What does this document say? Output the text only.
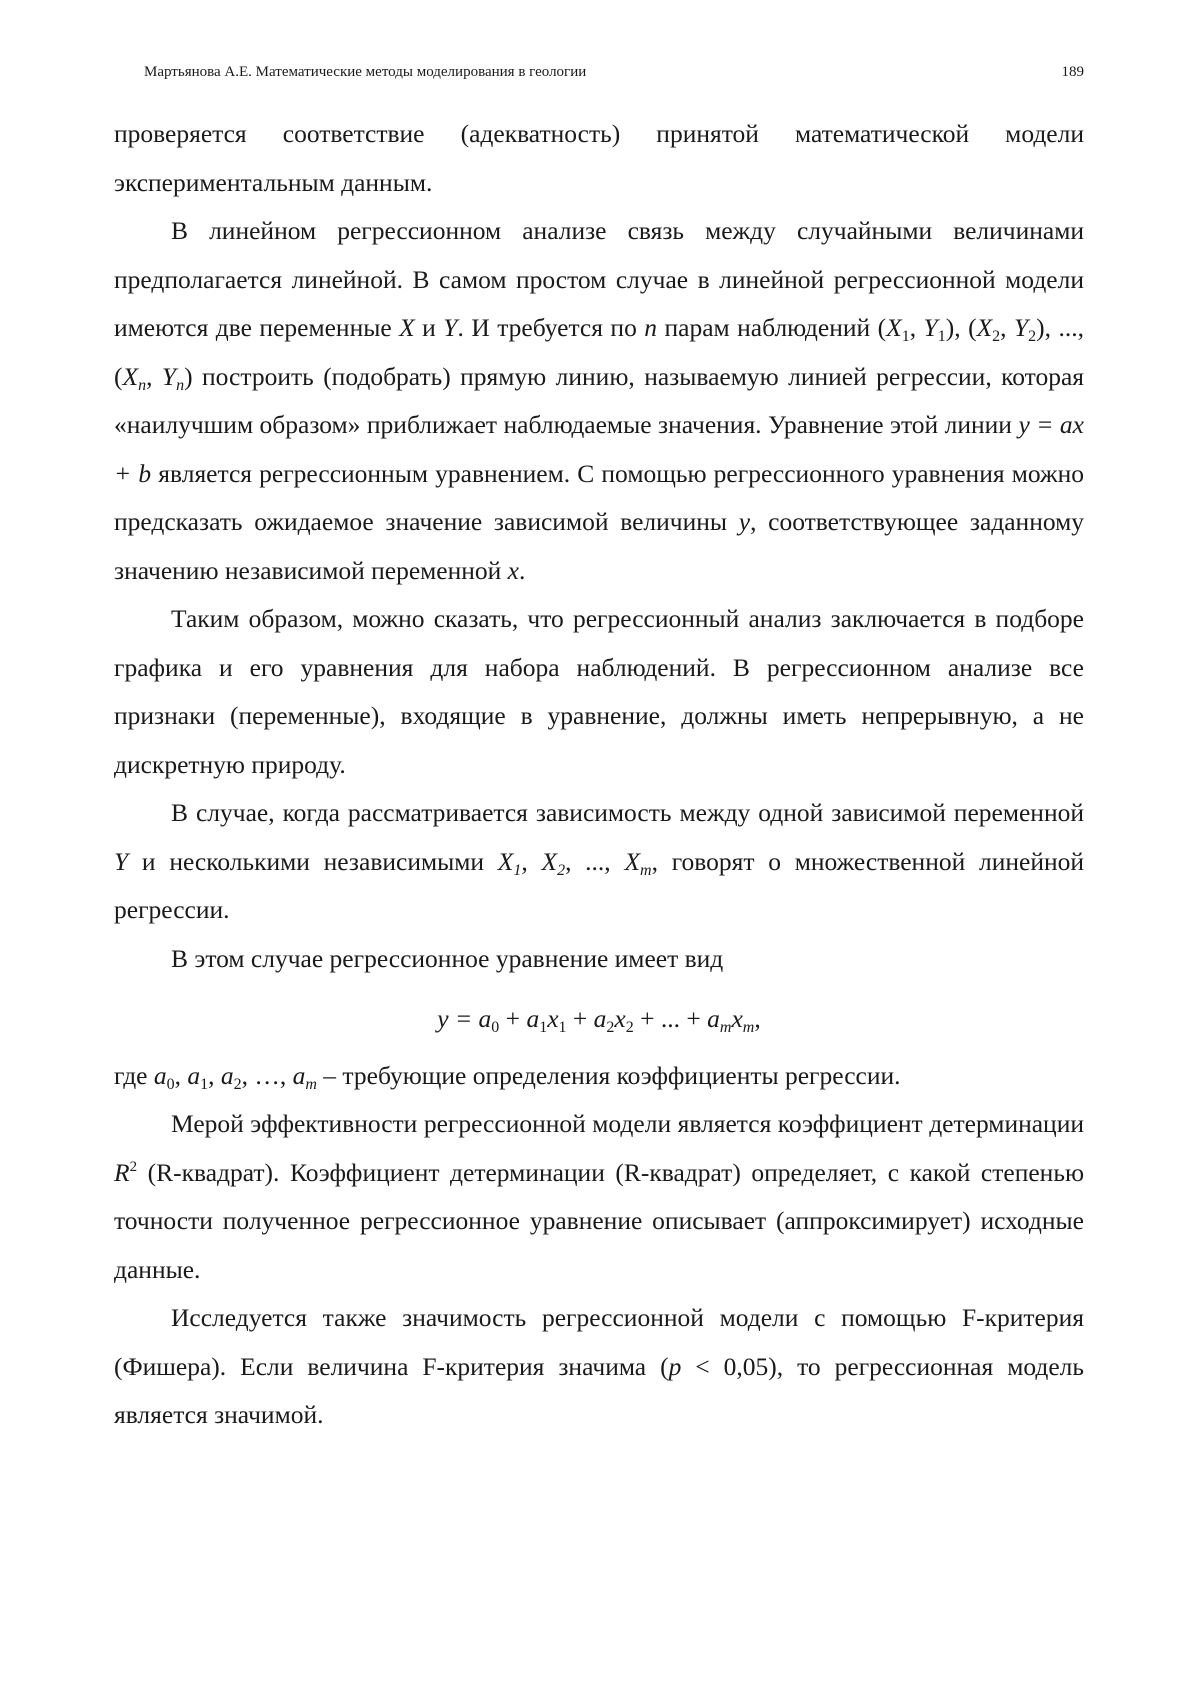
Мартьянова А.Е. Математические методы моделирования в геологии	189

проверяется соответствие (адекватность) принятой математической модели экспериментальным данным.

В линейном регрессионном анализе связь между случайными величинами предполагается линейной. В самом простом случае в линейной регрессионной модели имеются две переменные X и Y. И требуется по n парам наблюдений ($X_1$, $Y_1$), ($X_2$, $Y_2$), ..., ($X_n$, $Y_n$) построить (подобрать) прямую линию, называемую линией регрессии, которая «наилучшим образом» приближает наблюдаемые значения. Уравнение этой линии y = ax + b является регрессионным уравнением. С помощью регрессионного уравнения можно предсказать ожидаемое значение зависимой величины y, соответствующее заданному значению независимой переменной x.

Таким образом, можно сказать, что регрессионный анализ заключается в подборе графика и его уравнения для набора наблюдений. В регрессионном анализе все признаки (переменные), входящие в уравнение, должны иметь непрерывную, а не дискретную природу.

В случае, когда рассматривается зависимость между одной зависимой переменной Y и несколькими независимыми $X_1$, $X_2$, ..., $X_m$, говорят о множественной линейной регрессии.

В этом случае регрессионное уравнение имеет вид

$y = a_0 + a_1x_1 + a_2x_2$ + ... + $a_mx_m$,

где $a_0$, $a_1$, $a_2$, …, $a_m$ – требующие определения коэффициенты регрессии.

Мерой эффективности регрессионной модели является коэффициент детерминации $R^2$ (R-квадрат). Коэффициент детерминации (R-квадрат) определяет, с какой степенью точности полученное регрессионное уравнение описывает (аппроксимирует) исходные данные.

Исследуется также значимость регрессионной модели с помощью F-критерия (Фишера). Если величина F-критерия значима (p < 0,05), то регрессионная модель является значимой.
